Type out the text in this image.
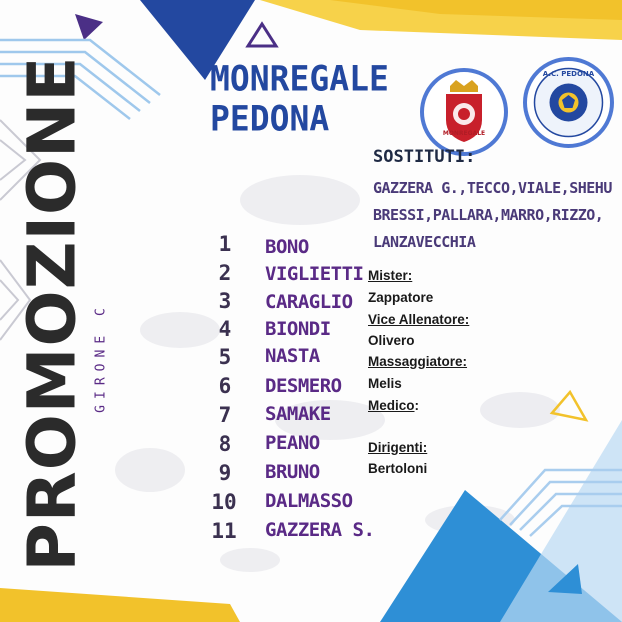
MONREGALE
PEDONA	MONREGALE
A.C. PEDONA
PROMOZIONE GIRONE C
SOSTITUTI:
GAZZERA G.,TECCO,VIALE,SHEHU
BRESSI,PALLARA,MARRO,RIZZO,
LANZAVECCHIA
1	BONO
2	VIGLIETTI
3	CARAGLIO
4	BIONDI
5	NASTA
6	DESMERO
7	SAMAKE
8	PEANO
9	BRUNO
10	DALMASSO
11	GAZZERA S.
Mister:
Zappatore
Vice Allenatore:
Olivero
Massaggiatore:
Melis
Medico:
Dirigenti:
Bertoloni
